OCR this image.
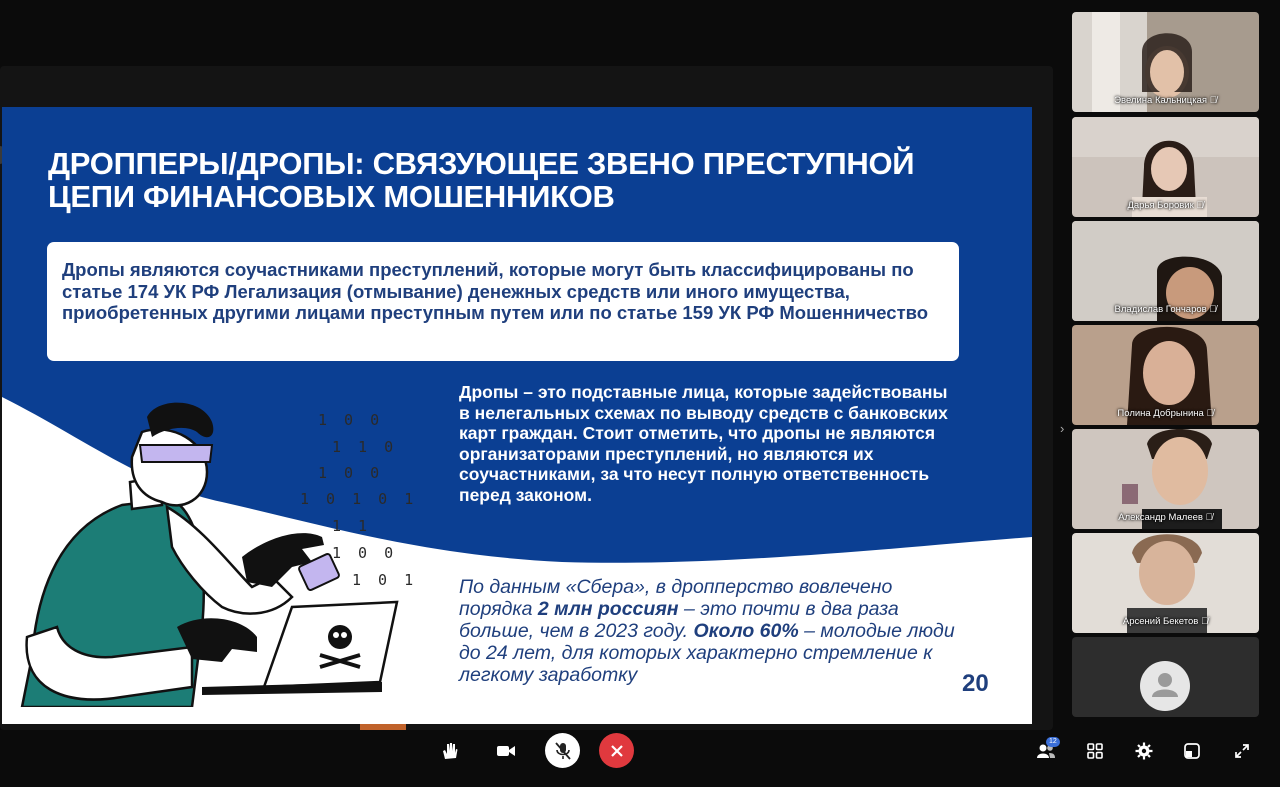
ДРОППЕРЫ/ДРОПЫ: СВЯЗУЮЩЕЕ ЗВЕНО ПРЕСТУПНОЙ ЦЕПИ ФИНАНСОВЫХ МОШЕННИКОВ
Дропы являются соучастниками преступлений, которые могут быть классифицированы по статье 174 УК РФ Легализация (отмывание) денежных средств или иного имущества, приобретенных другими лицами преступным путем или по статье 159 УК РФ Мошенничество
Дропы – это подставные лица, которые задействованы в нелегальных схемах по выводу средств с банковских карт граждан. Стоит отметить, что дропы не являются организаторами преступлений, но являются их соучастниками, за что несут полную ответственность перед законом.
По данным «Сбера», в дропперство вовлечено порядка 2 млн россиян – это почти в два раза больше, чем в 2023 году. Около 60% – молодые люди до 24 лет, для которых характерно стремление к легкому заработку	20
1 0 0
1 1 0
1 0 0
1 0 1 0 1
1 1
1 0 0
1 0 1
›
Эвелина Кальницкая 🎙̸
Дарья Боровик 🎙̸
Владислав Гончаров 🎙̸
Полина Добрынина 🎙̸
Александр Малеев 🎙̸
Арсений Бекетов 🎙̸
12
